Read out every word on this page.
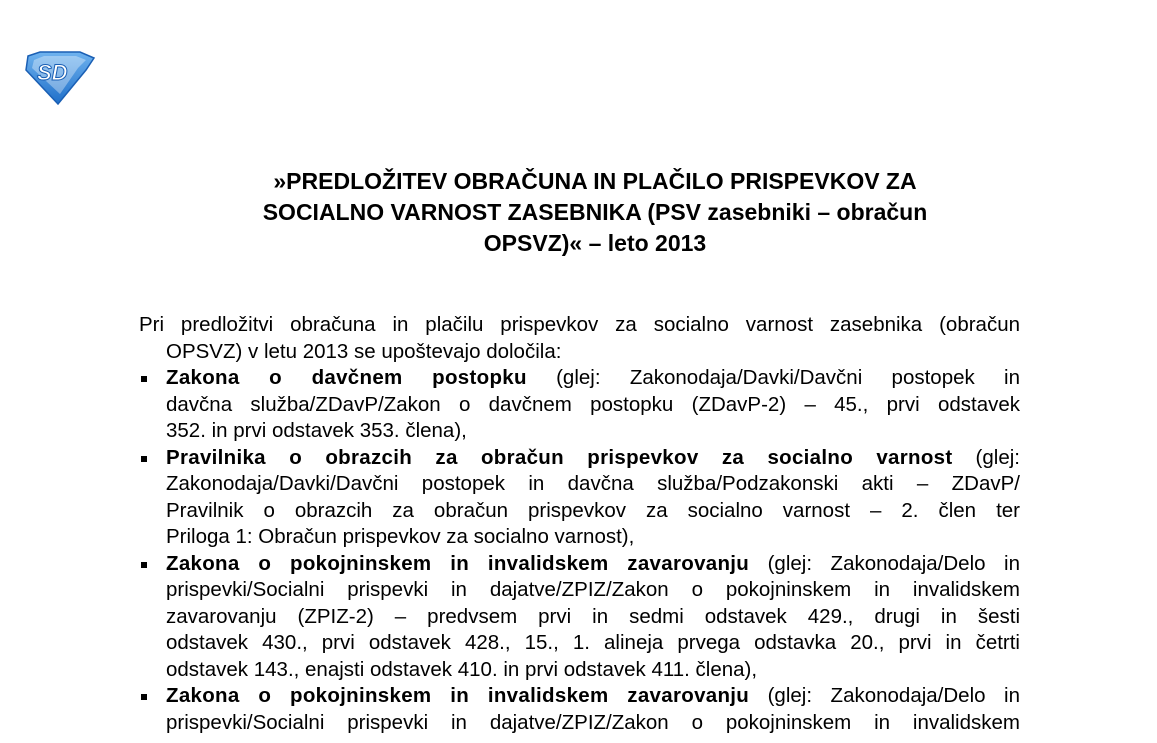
SD
»PREDLOŽITEV OBRAČUNA IN PLAČILO PRISPEVKOV ZA
SOCIALNO VARNOST ZASEBNIKA (PSV zasebniki – obračun
OPSVZ)« – leto 2013
Pri predložitvi obračuna in plačilu prispevkov za socialno varnost zasebnika (obračun
OPSVZ) v letu 2013 se upoštevajo določila:
Zakona o davčnem postopku (glej: Zakonodaja/Davki/Davčni postopek in
davčna služba/ZDavP/Zakon o davčnem postopku (ZDavP-2) – 45., prvi odstavek
352. in prvi odstavek 353. člena),
Pravilnika o obrazcih za obračun prispevkov za socialno varnost (glej:
Zakonodaja/Davki/Davčni postopek in davčna služba/Podzakonski akti – ZDavP/
Pravilnik o obrazcih za obračun prispevkov za socialno varnost – 2. člen ter
Priloga 1: Obračun prispevkov za socialno varnost),
Zakona o pokojninskem in invalidskem zavarovanju (glej: Zakonodaja/Delo in
prispevki/Socialni prispevki in dajatve/ZPIZ/Zakon o pokojninskem in invalidskem
zavarovanju (ZPIZ-2) – predvsem prvi in sedmi odstavek 429., drugi in šesti
odstavek 430., prvi odstavek 428., 15., 1. alineja prvega odstavka 20., prvi in četrti
odstavek 143., enajsti odstavek 410. in prvi odstavek 411. člena),
Zakona o pokojninskem in invalidskem zavarovanju (glej: Zakonodaja/Delo in
prispevki/Socialni prispevki in dajatve/ZPIZ/Zakon o pokojninskem in invalidskem
